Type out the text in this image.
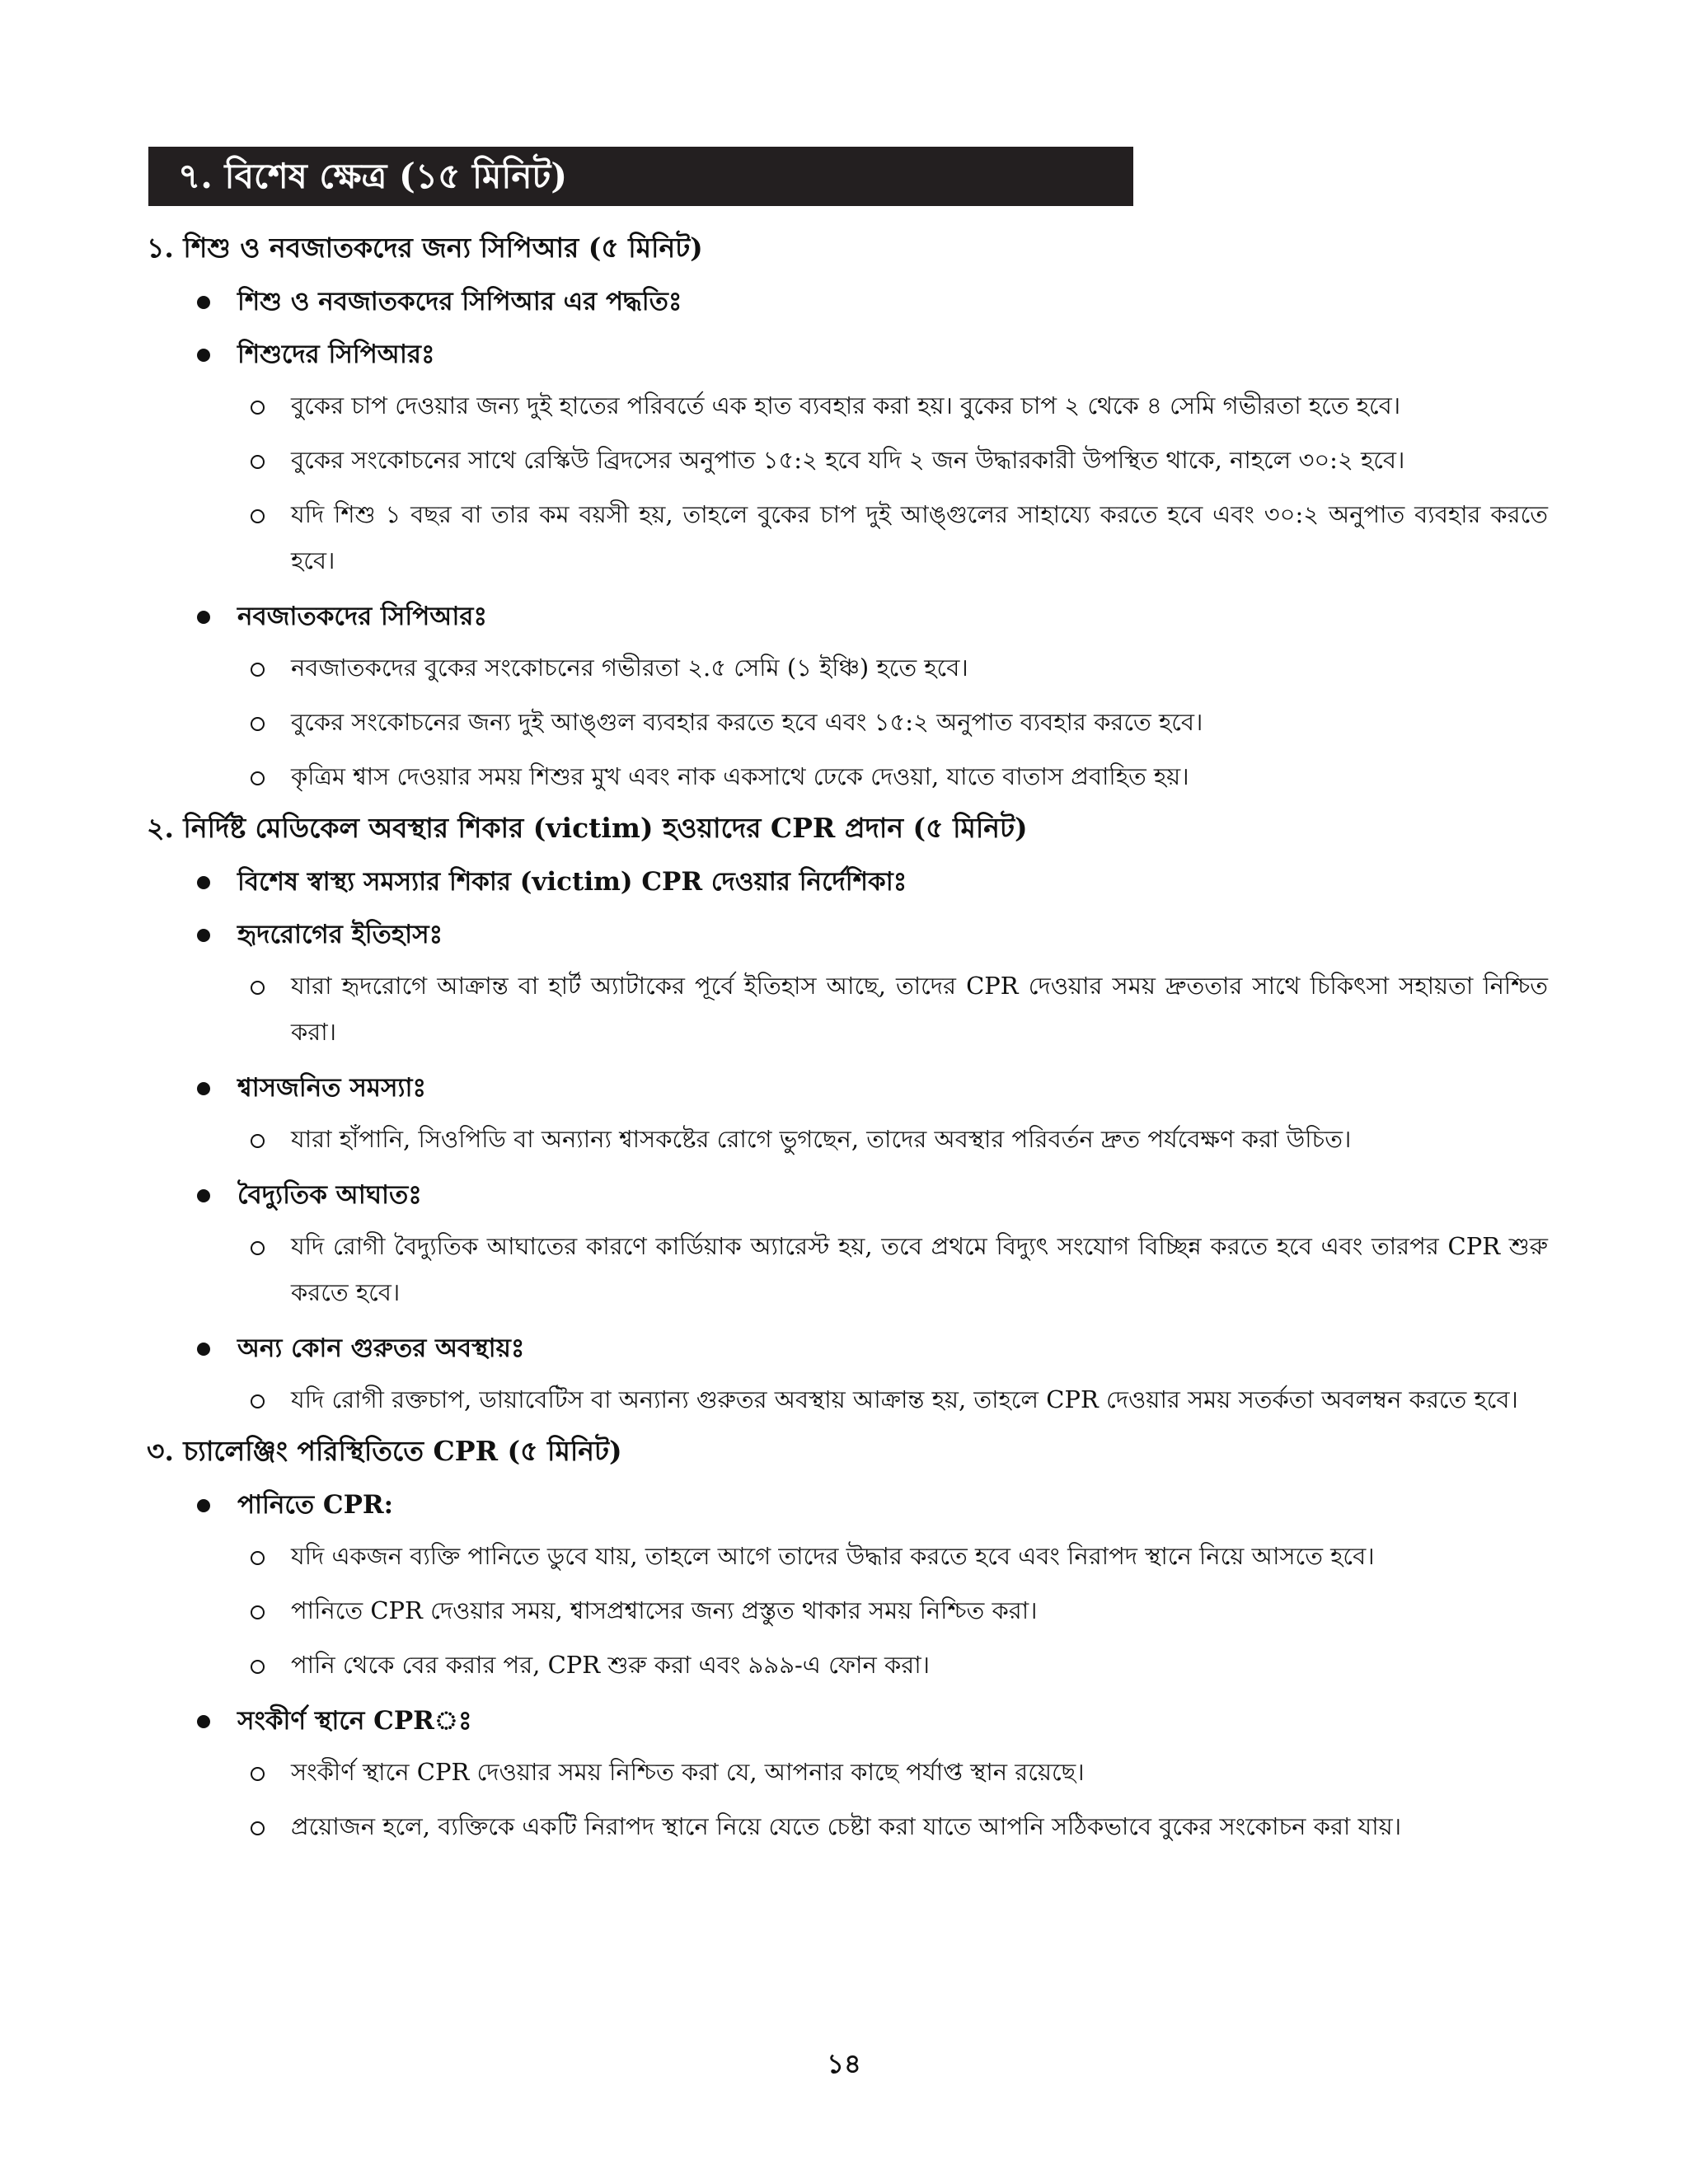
৭. বিশেষ ক্ষেত্র (১৫ মিনিট)
১. শিশু ও নবজাতকদের জন্য সিপিআর (৫ মিনিট)
শিশু ও নবজাতকদের সিপিআর এর পদ্ধতিঃ
শিশুদের সিপিআরঃ
বুকের চাপ দেওয়ার জন্য দুই হাতের পরিবর্তে এক হাত ব্যবহার করা হয়। বুকের চাপ ২ থেকে ৪ সেমি গভীরতা হতে হবে।
বুকের সংকোচনের সাথে রেস্কিউ ব্রিদসের অনুপাত ১৫:২ হবে যদি ২ জন উদ্ধারকারী উপস্থিত থাকে, নাহলে ৩০:২ হবে।
যদি শিশু ১ বছর বা তার কম বয়সী হয়, তাহলে বুকের চাপ দুই আঙ্গুলের সাহায্যে করতে হবে এবং ৩০:২ অনুপাত ব্যবহার করতে হবে।
নবজাতকদের সিপিআরঃ
নবজাতকদের বুকের সংকোচনের গভীরতা ২.৫ সেমি (১ ইঞ্চি) হতে হবে।
বুকের সংকোচনের জন্য দুই আঙ্গুল ব্যবহার করতে হবে এবং ১৫:২ অনুপাত ব্যবহার করতে হবে।
কৃত্রিম শ্বাস দেওয়ার সময় শিশুর মুখ এবং নাক একসাথে ঢেকে দেওয়া, যাতে বাতাস প্রবাহিত হয়।
২. নির্দিষ্ট মেডিকেল অবস্থার শিকার (victim) হওয়াদের CPR প্রদান (৫ মিনিট)
বিশেষ স্বাস্থ্য সমস্যার শিকার (victim) CPR দেওয়ার নির্দেশিকাঃ
হৃদরোগের ইতিহাসঃ
যারা হৃদরোগে আক্রান্ত বা হার্ট অ্যাটাকের পূর্বে ইতিহাস আছে, তাদের CPR দেওয়ার সময় দ্রুততার সাথে চিকিৎসা সহায়তা নিশ্চিত করা।
শ্বাসজনিত সমস্যাঃ
যারা হাঁপানি, সিওপিডি বা অন্যান্য শ্বাসকষ্টের রোগে ভুগছেন, তাদের অবস্থার পরিবর্তন দ্রুত পর্যবেক্ষণ করা উচিত।
বৈদ্যুতিক আঘাতঃ
যদি রোগী বৈদ্যুতিক আঘাতের কারণে কার্ডিয়াক অ্যারেস্ট হয়, তবে প্রথমে বিদ্যুৎ সংযোগ বিচ্ছিন্ন করতে হবে এবং তারপর CPR শুরু করতে হবে।
অন্য কোন গুরুতর অবস্থায়ঃ
যদি রোগী রক্তচাপ, ডায়াবেটিস বা অন্যান্য গুরুতর অবস্থায় আক্রান্ত হয়, তাহলে CPR দেওয়ার সময় সতর্কতা অবলম্বন করতে হবে।
৩. চ্যালেঞ্জিং পরিস্থিতিতে CPR (৫ মিনিট)
পানিতে CPR:
যদি একজন ব্যক্তি পানিতে ডুবে যায়, তাহলে আগে তাদের উদ্ধার করতে হবে এবং নিরাপদ স্থানে নিয়ে আসতে হবে।
পানিতে CPR দেওয়ার সময়, শ্বাসপ্রশ্বাসের জন্য প্রস্তুত থাকার সময় নিশ্চিত করা।
পানি থেকে বের করার পর, CPR শুরু করা এবং ৯৯৯-এ ফোন করা।
সংকীর্ণ স্থানে CPRঃ
সংকীর্ণ স্থানে CPR দেওয়ার সময় নিশ্চিত করা যে, আপনার কাছে পর্যাপ্ত স্থান রয়েছে।
প্রয়োজন হলে, ব্যক্তিকে একটি নিরাপদ স্থানে নিয়ে যেতে চেষ্টা করা যাতে আপনি সঠিকভাবে বুকের সংকোচন করা যায়।
১৪
